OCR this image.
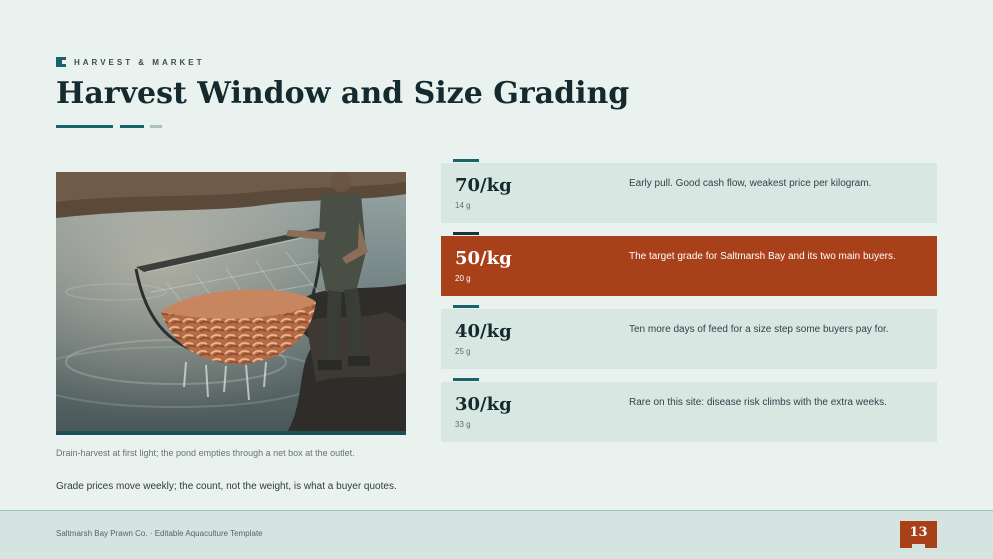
HARVEST & MARKET
Harvest Window and Size Grading
Drain-harvest at first light; the pond empties through a net box at the outlet.
Grade prices move weekly; the count, not the weight, is what a buyer quotes.
70/kg
14 g
Early pull. Good cash flow, weakest price per kilogram.
50/kg
20 g
The target grade for Saltmarsh Bay and its two main buyers.
40/kg
25 g
Ten more days of feed for a size step some buyers pay for.
30/kg
33 g
Rare on this site: disease risk climbs with the extra weeks.
Saltmarsh Bay Prawn Co. · Editable Aquaculture Template	13
